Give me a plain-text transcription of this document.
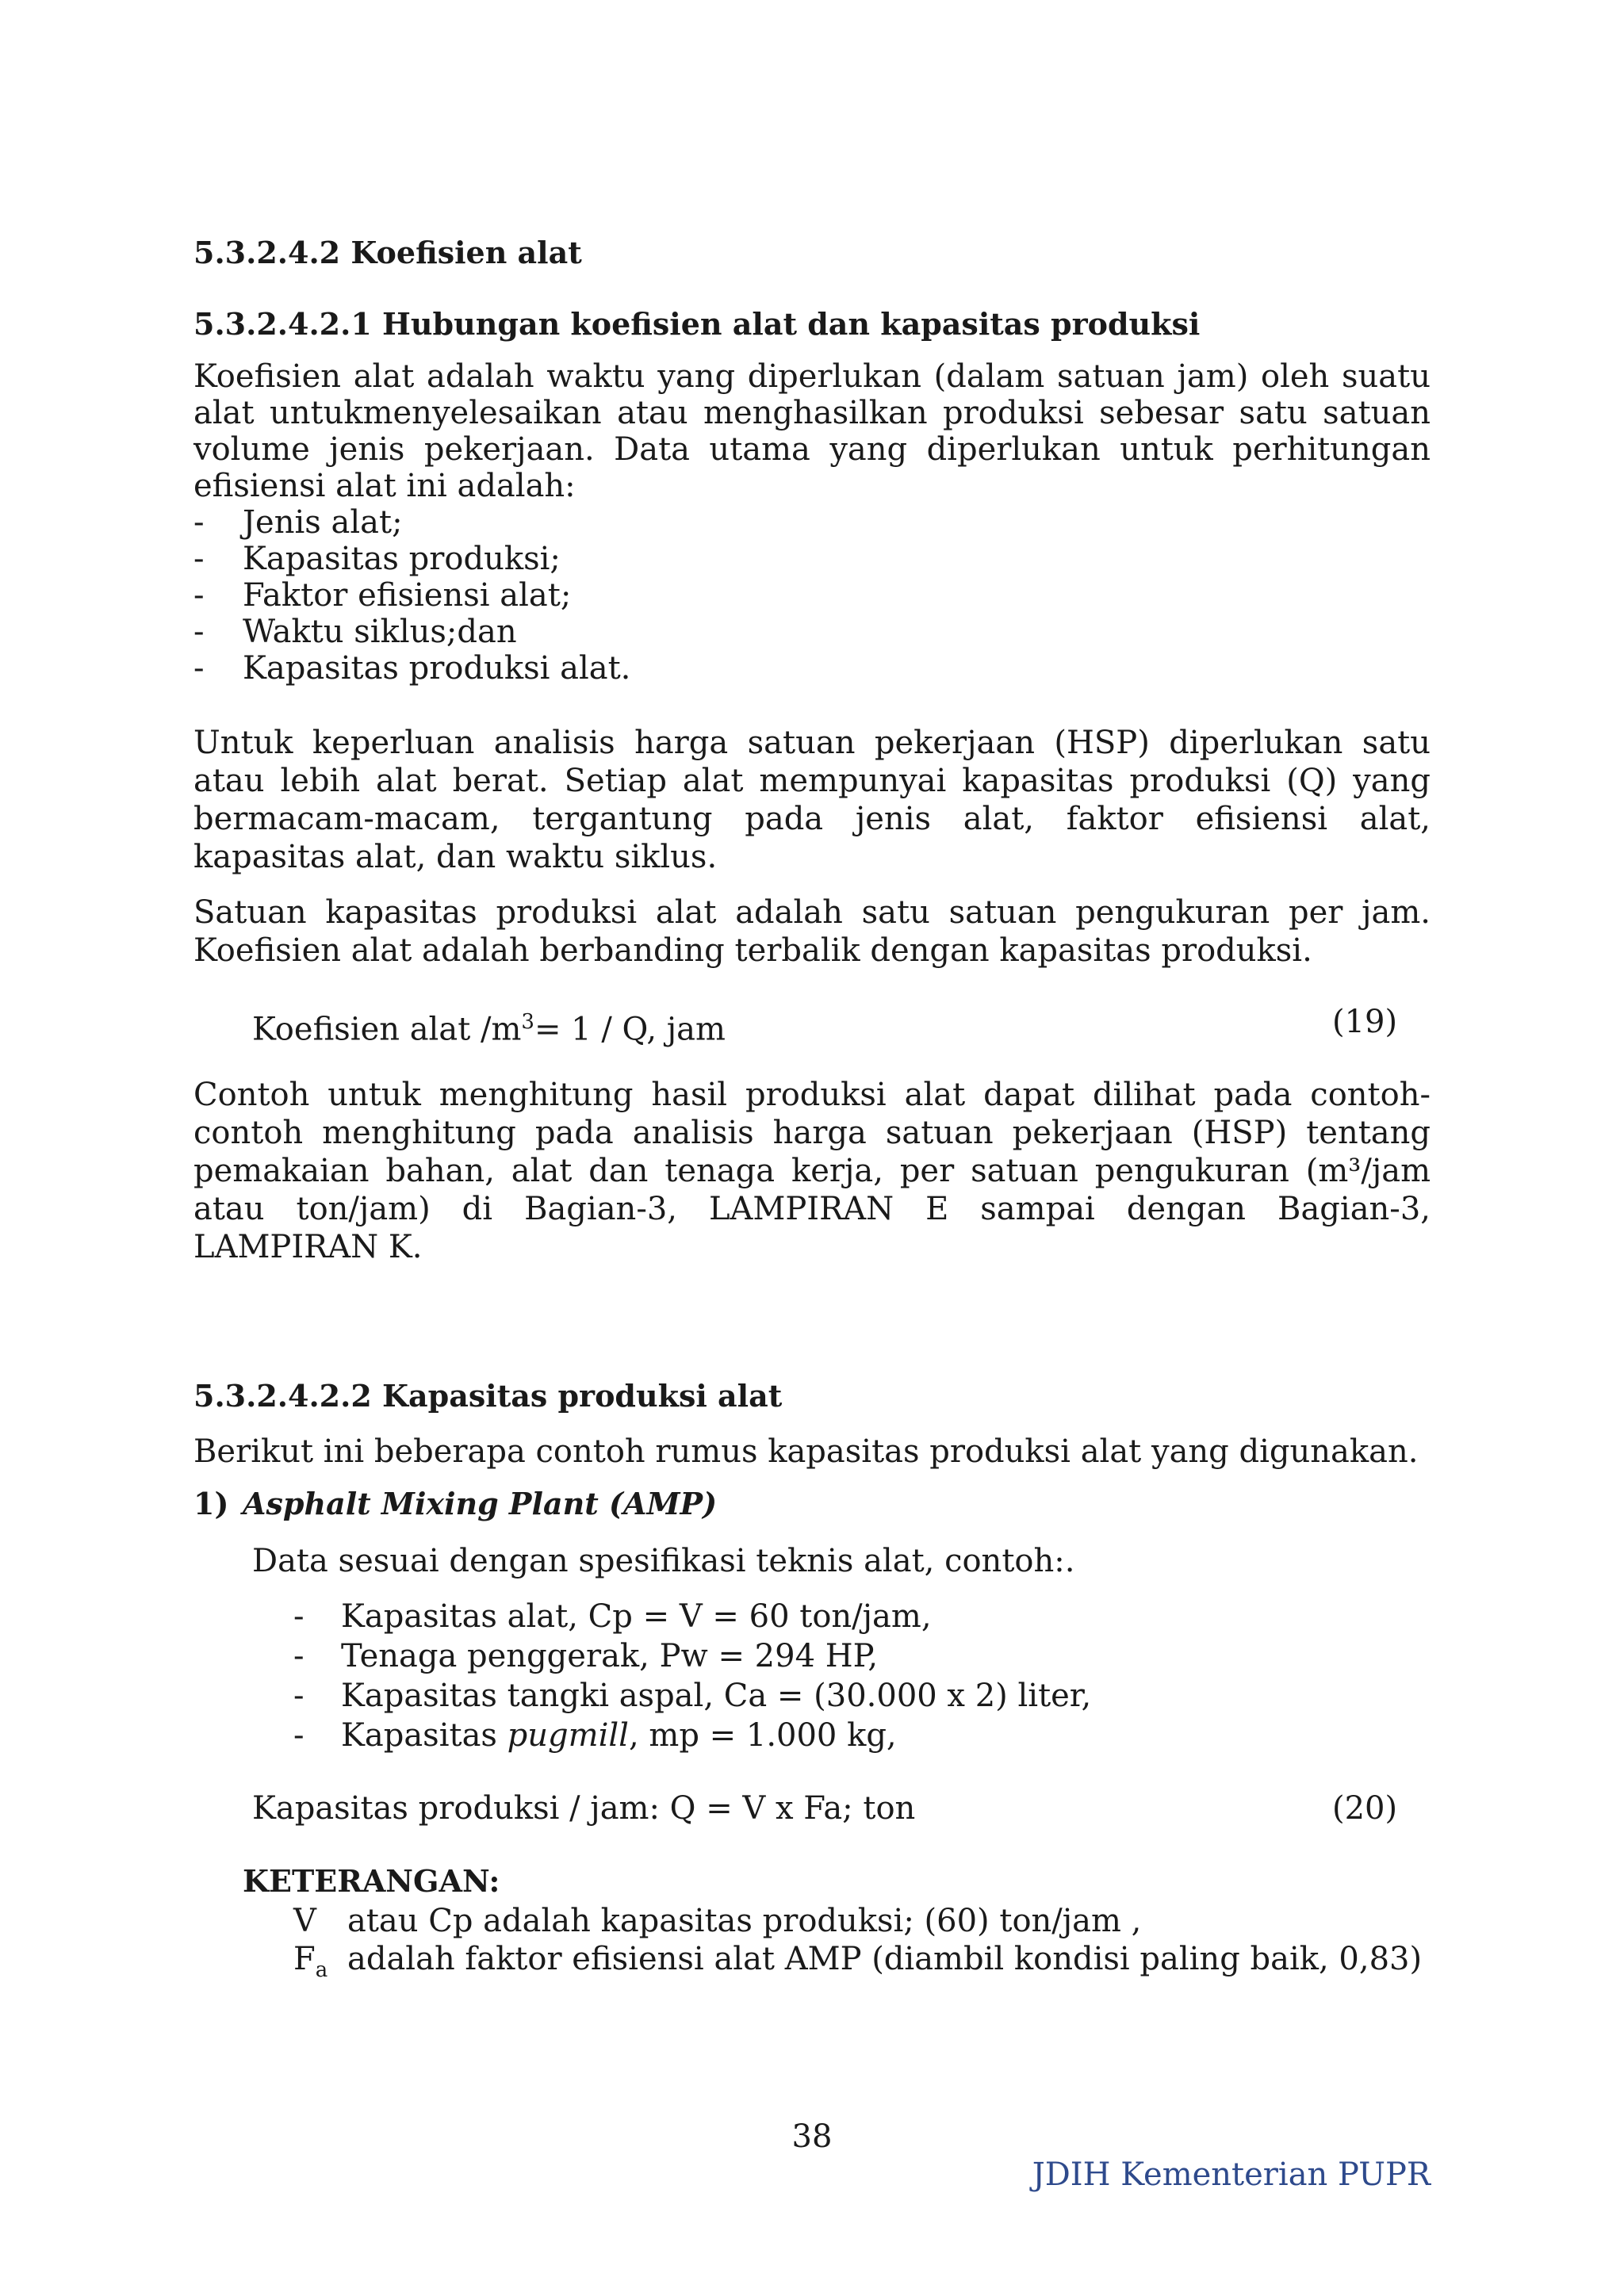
5.3.2.4.2 Koefisien alat
5.3.2.4.2.1 Hubungan koefisien alat dan kapasitas produksi
Koefisien alat adalah waktu yang diperlukan (dalam satuan jam) oleh suatu
alat untukmenyelesaikan atau menghasilkan produksi sebesar satu satuan
volume jenis pekerjaan. Data utama yang diperlukan untuk perhitungan
efisiensi alat ini adalah:
- Jenis alat;
- Kapasitas produksi;
- Faktor efisiensi alat;
- Waktu siklus;dan
- Kapasitas produksi alat.
Untuk keperluan analisis harga satuan pekerjaan (HSP) diperlukan satu
atau lebih alat berat. Setiap alat mempunyai kapasitas produksi (Q) yang
bermacam-macam, tergantung pada jenis alat, faktor efisiensi alat,
kapasitas alat, dan waktu siklus.
Satuan kapasitas produksi alat adalah satu satuan pengukuran per jam.
Koefisien alat adalah berbanding terbalik dengan kapasitas produksi.
Koefisien alat $/m^3= 1 / Q$, jam	(19)
Contoh untuk menghitung hasil produksi alat dapat dilihat pada contoh-
contoh menghitung pada analisis harga satuan pekerjaan (HSP) tentang
pemakaian bahan, alat dan tenaga kerja, per satuan pengukuran (m³/jam
atau ton/jam) di Bagian-3, LAMPIRAN E sampai dengan Bagian-3,
LAMPIRAN K.
5.3.2.4.2.2 Kapasitas produksi alat
Berikut ini beberapa contoh rumus kapasitas produksi alat yang digunakan.
1) Asphalt Mixing Plant (AMP)
Data sesuai dengan spesifikasi teknis alat, contoh:.
- Kapasitas alat, Cp = V = 60 ton/jam,
- Tenaga penggerak, Pw = 294 HP,
- Kapasitas tangki aspal, Ca = (30.000 x 2) liter,
- Kapasitas pugmill, mp = 1.000 kg,
Kapasitas produksi / jam: Q = V x Fa; ton	(20)
KETERANGAN:
V atau Cp adalah kapasitas produksi; (60) ton/jam ,
$F_a$ adalah faktor efisiensi alat AMP (diambil kondisi paling baik, 0,83)
38
JDIH Kementerian PUPR
